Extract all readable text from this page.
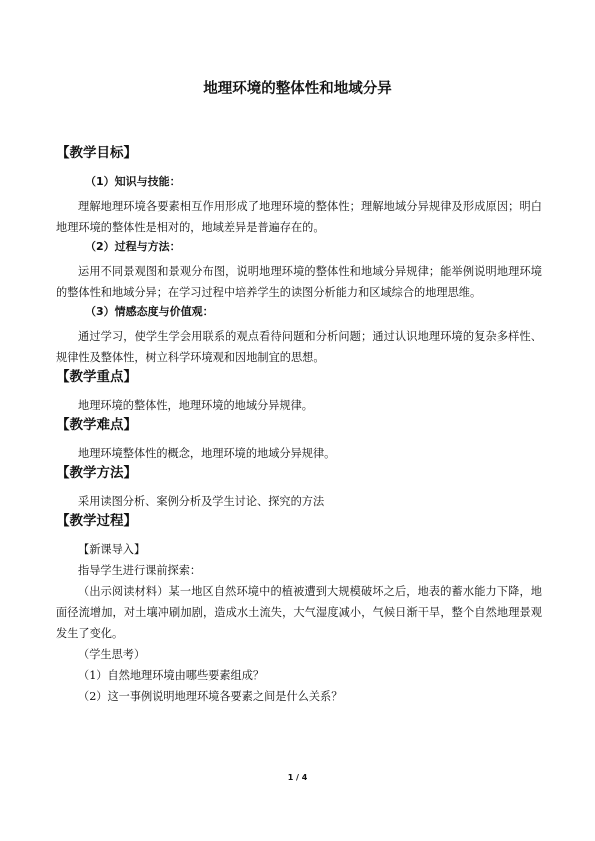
地理环境的整体性和地域分异
【教学目标】
（1）知识与技能：

理解地理环境各要素相互作用形成了地理环境的整体性；理解地域分异规律及形成原因；明白地理环境的整体性是相对的，地域差异是普遍存在的。

（2）过程与方法：

运用不同景观图和景观分布图，说明地理环境的整体性和地域分异规律；能举例说明地理环境的整体性和地域分异；在学习过程中培养学生的读图分析能力和区域综合的地理思维。

（3）情感态度与价值观：

通过学习，使学生学会用联系的观点看待问题和分析问题；通过认识地理环境的复杂多样性、规律性及整体性，树立科学环境观和因地制宜的思想。

【教学重点】

地理环境的整体性，地理环境的地域分异规律。

【教学难点】

地理环境整体性的概念，地理环境的地域分异规律。

【教学方法】

采用读图分析、案例分析及学生讨论、探究的方法

【教学过程】

【新课导入】

指导学生进行课前探索：

（出示阅读材料）某一地区自然环境中的植被遭到大规模破坏之后，地表的蓄水能力下降，地面径流增加，对土壤冲刷加剧，造成水土流失，大气湿度减小，气候日渐干旱，整个自然地理景观发生了变化。

（学生思考）

（1）自然地理环境由哪些要素组成？

（2）这一事例说明地理环境各要素之间是什么关系？

1 / 4
